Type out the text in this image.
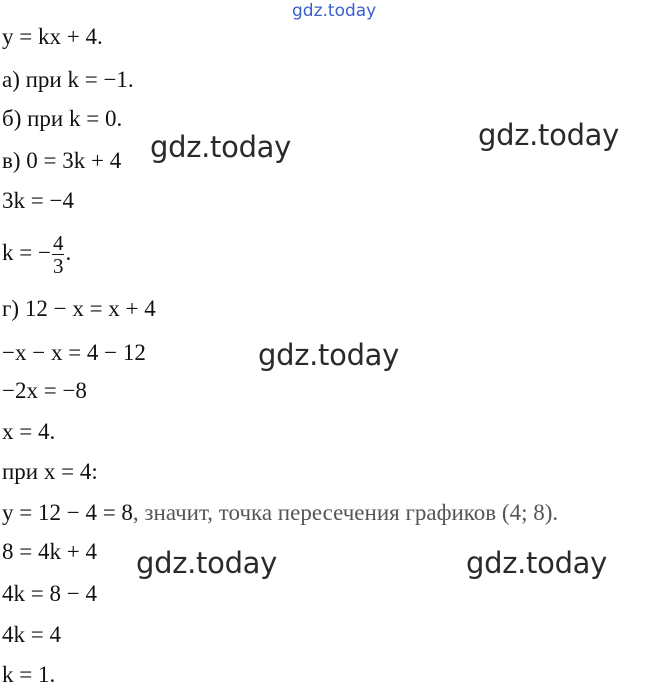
gdz.today
y = kx + 4.
а) при k = −1.
б) при k = 0.
в) 0 = 3k + 4
3k = −4
k = − $\frac{4}{3}$ .
г) 12 − x = x + 4
−x − x = 4 − 12
−2x = −8
x = 4.
при x = 4:
y = 12 − 4 = 8, значит, точка пересечения графиков (4; 8).
8 = 4k + 4
4k = 8 − 4
4k = 4
k = 1.
gdz.today	gdz.today
gdz.today
gdz.today	gdz.today
